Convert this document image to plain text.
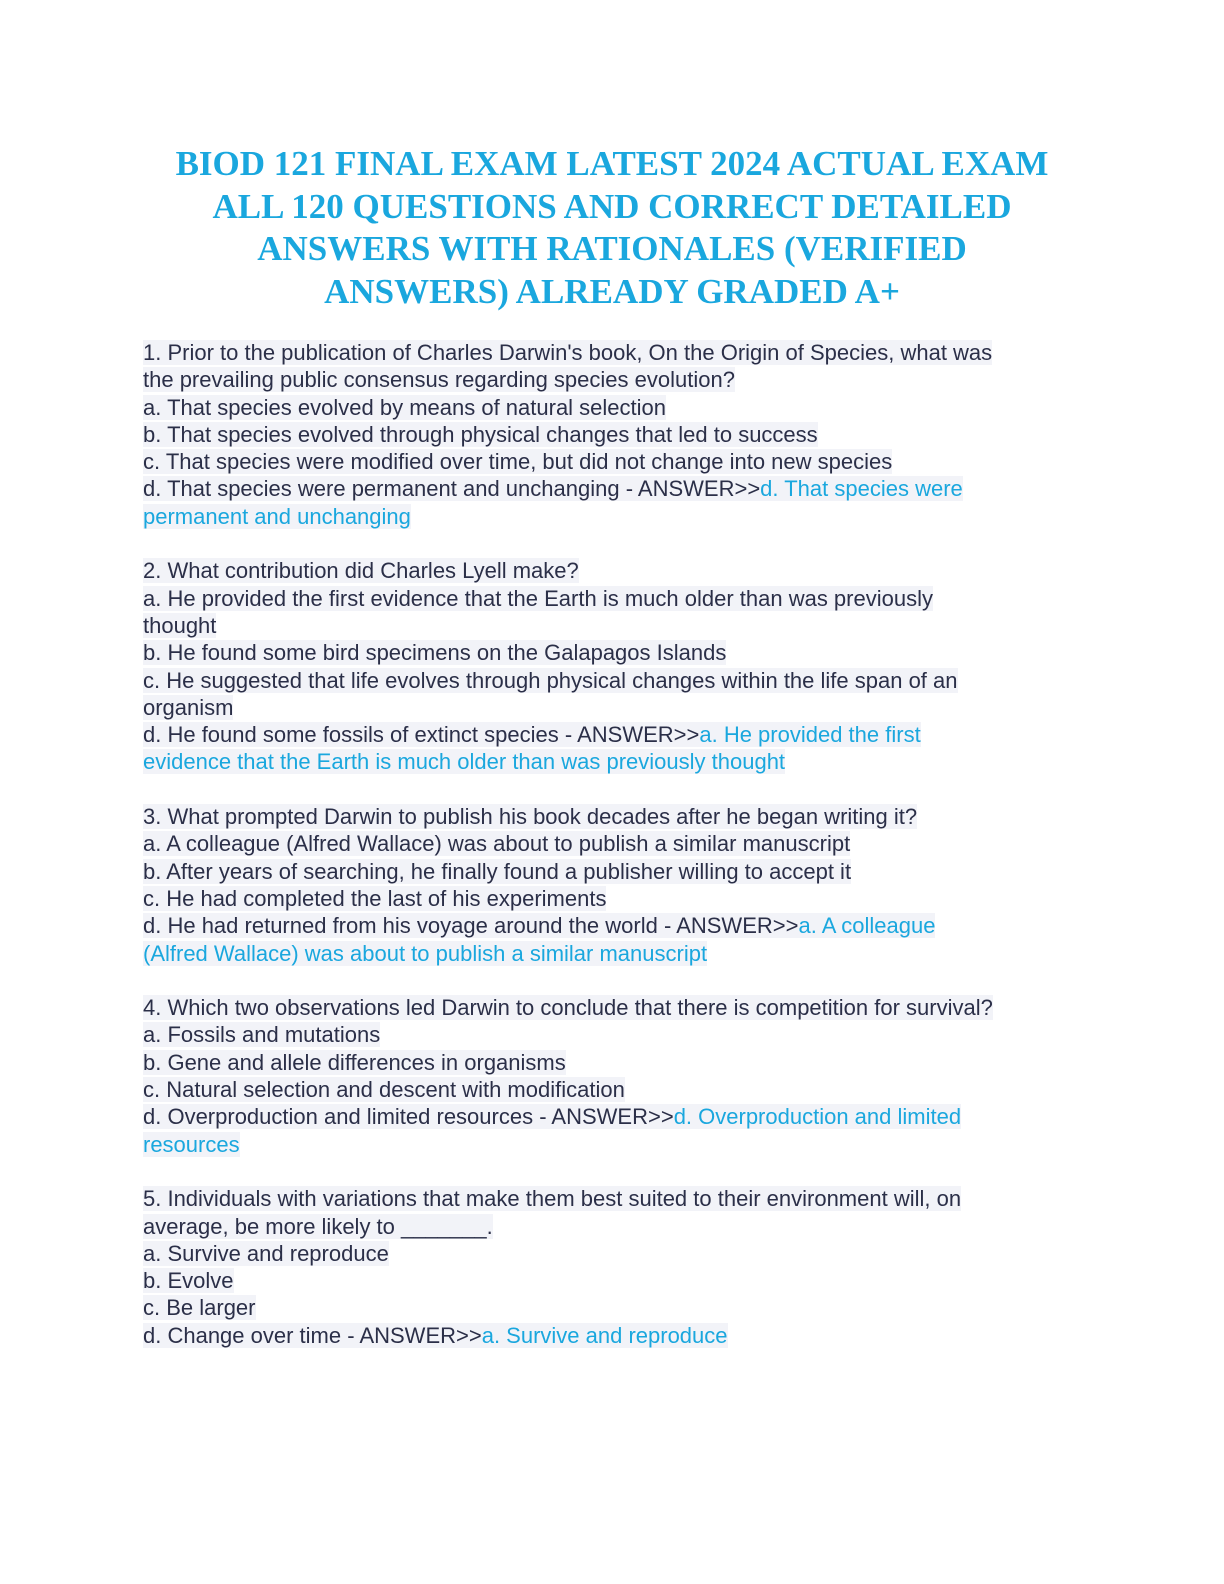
BIOD 121 FINAL EXAM LATEST 2024 ACTUAL EXAM
ALL 120 QUESTIONS AND CORRECT DETAILED
ANSWERS WITH RATIONALES (VERIFIED
ANSWERS) ALREADY GRADED A+
1. Prior to the publication of Charles Darwin's book, On the Origin of Species, what was
the prevailing public consensus regarding species evolution?
a. That species evolved by means of natural selection
b. That species evolved through physical changes that led to success
c. That species were modified over time, but did not change into new species
d. That species were permanent and unchanging - ANSWER>>d. That species were
permanent and unchanging
2. What contribution did Charles Lyell make?
a. He provided the first evidence that the Earth is much older than was previously
thought
b. He found some bird specimens on the Galapagos Islands
c. He suggested that life evolves through physical changes within the life span of an
organism
d. He found some fossils of extinct species - ANSWER>>a. He provided the first
evidence that the Earth is much older than was previously thought
3. What prompted Darwin to publish his book decades after he began writing it?
a. A colleague (Alfred Wallace) was about to publish a similar manuscript
b. After years of searching, he finally found a publisher willing to accept it
c. He had completed the last of his experiments
d. He had returned from his voyage around the world - ANSWER>>a. A colleague
(Alfred Wallace) was about to publish a similar manuscript
4. Which two observations led Darwin to conclude that there is competition for survival?
a. Fossils and mutations
b. Gene and allele differences in organisms
c. Natural selection and descent with modification
d. Overproduction and limited resources - ANSWER>>d. Overproduction and limited
resources
5. Individuals with variations that make them best suited to their environment will, on
average, be more likely to _______.
a. Survive and reproduce
b. Evolve
c. Be larger
d. Change over time - ANSWER>>a. Survive and reproduce
